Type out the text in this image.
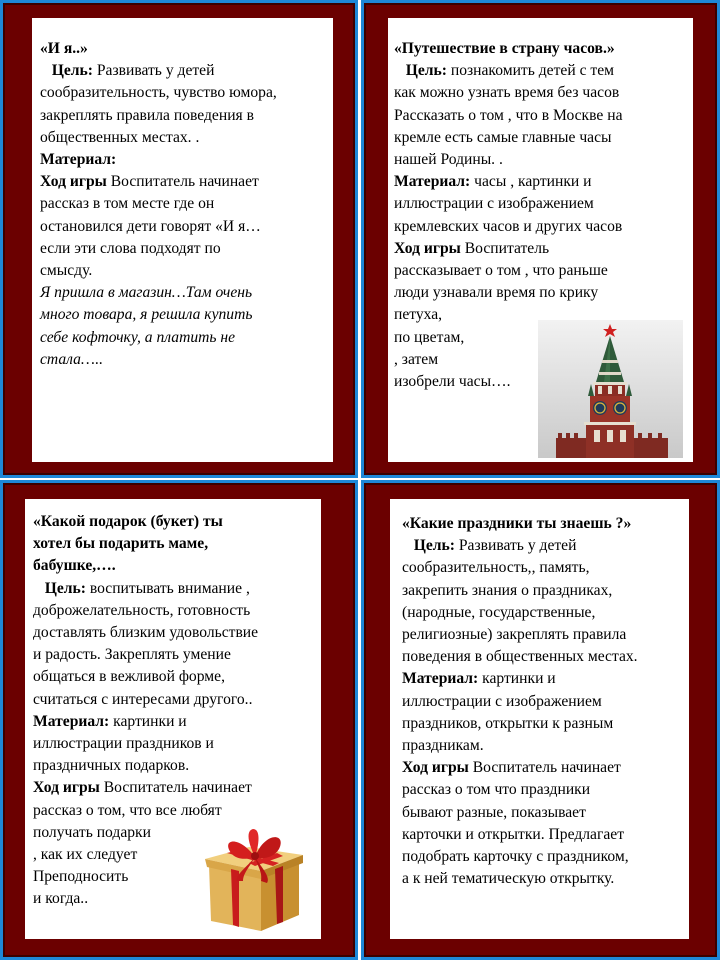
«И я..»
Цель: Развивать у детей
сообразительность, чувство юмора,
закреплять правила поведения в
общественных местах. .
Материал:
Ход игры Воспитатель начинает
рассказ в том месте где он
остановился дети говорят «И я…
если эти слова подходят по
смысду.
Я пришла в магазин…Там очень
много товара, я решила купить
себе кофточку, а платить не
стала…..
«Путешествие в страну часов.»
Цель: познакомить детей с тем
как можно узнать время без часов
Рассказать о том , что в Москве на
кремле есть самые главные часы
нашей Родины. .
Материал: часы , картинки и
иллюстрации с изображением
кремлевских часов и других часов
Ход игры Воспитатель
рассказывает о том , что раньше
люди узнавали время по крику
петуха,
по цветам,
, затем
изобрели часы….
«Какой подарок (букет) ты
хотел бы подарить маме,
бабушке,….
Цель: воспитывать внимание ,
доброжелательность, готовность
доставлять близким удовольствие
и радость. Закреплять умение
общаться в вежливой форме,
считаться с интересами другого..
Материал: картинки и
иллюстрации праздников и
праздничных подарков.
Ход игры Воспитатель начинает
рассказ о том, что все любят
получать подарки
, как их следует
Преподносить
и когда..
«Какие праздники ты знаешь ?»
Цель: Развивать у детей
сообразительность,, память,
закрепить знания о праздниках,
(народные, государственные,
религиозные) закреплять правила
поведения в общественных местах.
Материал: картинки и
иллюстрации с изображением
праздников, открытки к разным
праздникам.
Ход игры Воспитатель начинает
рассказ о том что праздники
бывают разные, показывает
карточки и открытки. Предлагает
подобрать карточку с праздником,
а к ней тематическую открытку.
